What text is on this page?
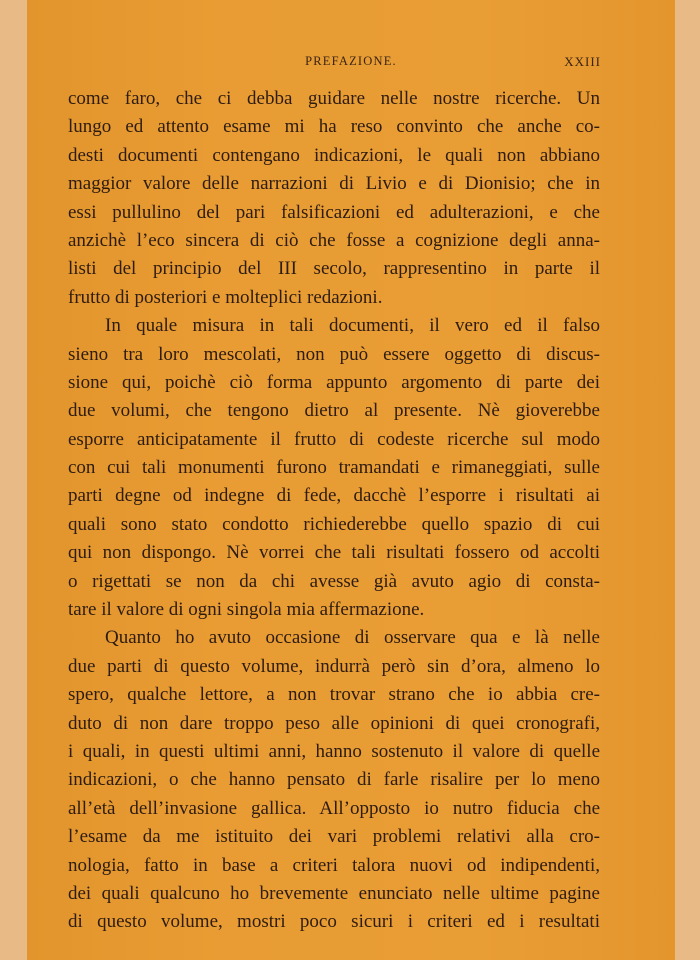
PREFAZIONE.	XXIII
come faro, che ci debba guidare nelle nostre ricerche. Un
lungo ed attento esame mi ha reso convinto che anche co-
desti documenti contengano indicazioni, le quali non abbiano
maggior valore delle narrazioni di Livio e di Dionisio; che in
essi pullulino del pari falsificazioni ed adulterazioni, e che
anzichè l’eco sincera di ciò che fosse a cognizione degli anna-
listi del principio del III secolo, rappresentino in parte il
frutto di posteriori e molteplici redazioni.
In quale misura in tali documenti, il vero ed il falso
sieno tra loro mescolati, non può essere oggetto di discus-
sione qui, poichè ciò forma appunto argomento di parte dei
due volumi, che tengono dietro al presente. Nè gioverebbe
esporre anticipatamente il frutto di codeste ricerche sul modo
con cui tali monumenti furono tramandati e rimaneggiati, sulle
parti degne od indegne di fede, dacchè l’esporre i risultati ai
quali sono stato condotto richiederebbe quello spazio di cui
qui non dispongo. Nè vorrei che tali risultati fossero od accolti
o rigettati se non da chi avesse già avuto agio di consta-
tare il valore di ogni singola mia affermazione.
Quanto ho avuto occasione di osservare qua e là nelle
due parti di questo volume, indurrà però sin d’ora, almeno lo
spero, qualche lettore, a non trovar strano che io abbia cre-
duto di non dare troppo peso alle opinioni di quei cronografi,
i quali, in questi ultimi anni, hanno sostenuto il valore di quelle
indicazioni, o che hanno pensato di farle risalire per lo meno
all’età dell’invasione gallica. All’opposto io nutro fiducia che
l’esame da me istituito dei vari problemi relativi alla cro-
nologia, fatto in base a criteri talora nuovi od indipendenti,
dei quali qualcuno ho brevemente enunciato nelle ultime pagine
di questo volume, mostri poco sicuri i criteri ed i resultati
